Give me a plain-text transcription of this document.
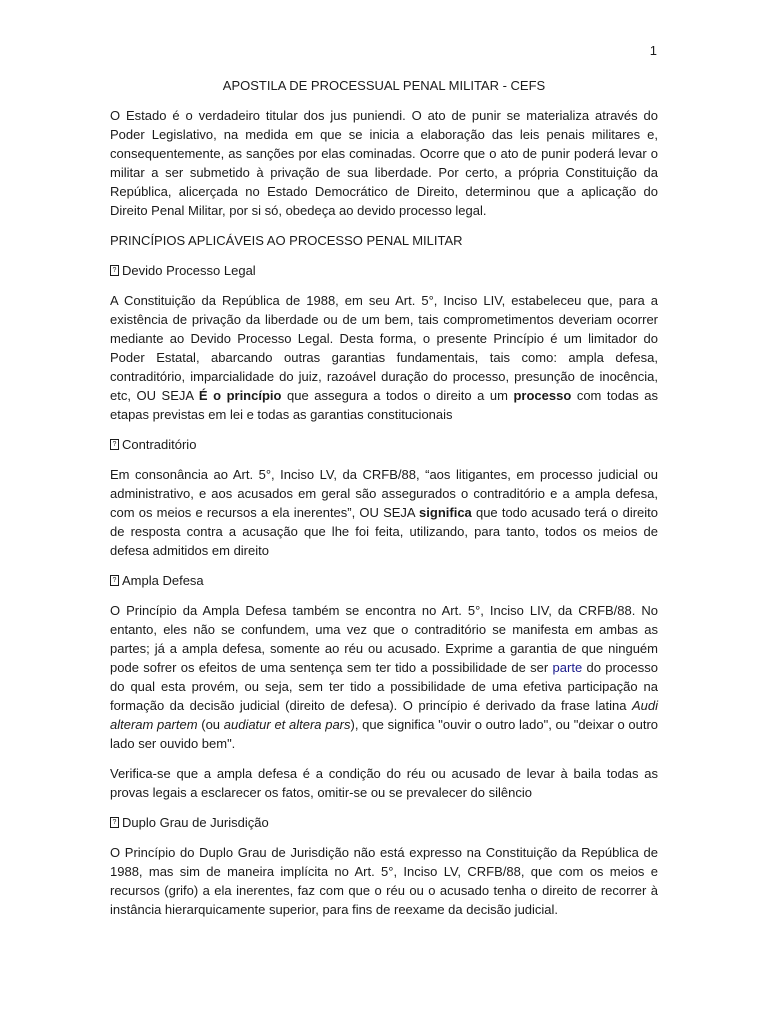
1
APOSTILA DE PROCESSUAL PENAL MILITAR - CEFS

O Estado é o verdadeiro titular dos jus puniendi. O ato de punir se materializa através do Poder Legislativo, na medida em que se inicia a elaboração das leis penais militares e, consequentemente, as sanções por elas cominadas. Ocorre que o ato de punir poderá levar o militar a ser submetido à privação de sua liberdade. Por certo, a própria Constituição da República, alicerçada no Estado Democrático de Direito, determinou que a aplicação do Direito Penal Militar, por si só, obedeça ao devido processo legal.

PRINCÍPIOS APLICÁVEIS AO PROCESSO PENAL MILITAR
? Devido Processo Legal

A Constituição da República de 1988, em seu Art. 5°, Inciso LIV, estabeleceu que, para a existência de privação da liberdade ou de um bem, tais comprometimentos deveriam ocorrer mediante ao Devido Processo Legal. Desta forma, o presente Princípio é um limitador do Poder Estatal, abarcando outras garantias fundamentais, tais como: ampla defesa, contraditório, imparcialidade do juiz, razoável duração do processo, presunção de inocência, etc, OU SEJA É o princípio que assegura a todos o direito a um processo com todas as etapas previstas em lei e todas as garantias constitucionais

? Contraditório

Em consonância ao Art. 5°, Inciso LV, da CRFB/88, “aos litigantes, em processo judicial ou administrativo, e aos acusados em geral são assegurados o contraditório e a ampla defesa, com os meios e recursos a ela inerentes”, OU SEJA significa que todo acusado terá o direito de resposta contra a acusação que lhe foi feita, utilizando, para tanto, todos os meios de defesa admitidos em direito

? Ampla Defesa

O Princípio da Ampla Defesa também se encontra no Art. 5°, Inciso LIV, da CRFB/88. No entanto, eles não se confundem, uma vez que o contraditório se manifesta em ambas as partes; já a ampla defesa, somente ao réu ou acusado. Exprime a garantia de que ninguém pode sofrer os efeitos de uma sentença sem ter tido a possibilidade de ser parte do processo do qual esta provém, ou seja, sem ter tido a possibilidade de uma efetiva participação na formação da decisão judicial (direito de defesa). O princípio é derivado da frase latina Audi alteram partem (ou audiatur et altera pars), que significa "ouvir o outro lado", ou "deixar o outro lado ser ouvido bem".

Verifica-se que a ampla defesa é a condição do réu ou acusado de levar à baila todas as provas legais a esclarecer os fatos, omitir-se ou se prevalecer do silêncio

? Duplo Grau de Jurisdição

O Princípio do Duplo Grau de Jurisdição não está expresso na Constituição da República de 1988, mas sim de maneira implícita no Art. 5°, Inciso LV, CRFB/88, que com os meios e recursos (grifo) a ela inerentes, faz com que o réu ou o acusado tenha o direito de recorrer à instância hierarquicamente superior, para fins de reexame da decisão judicial.
